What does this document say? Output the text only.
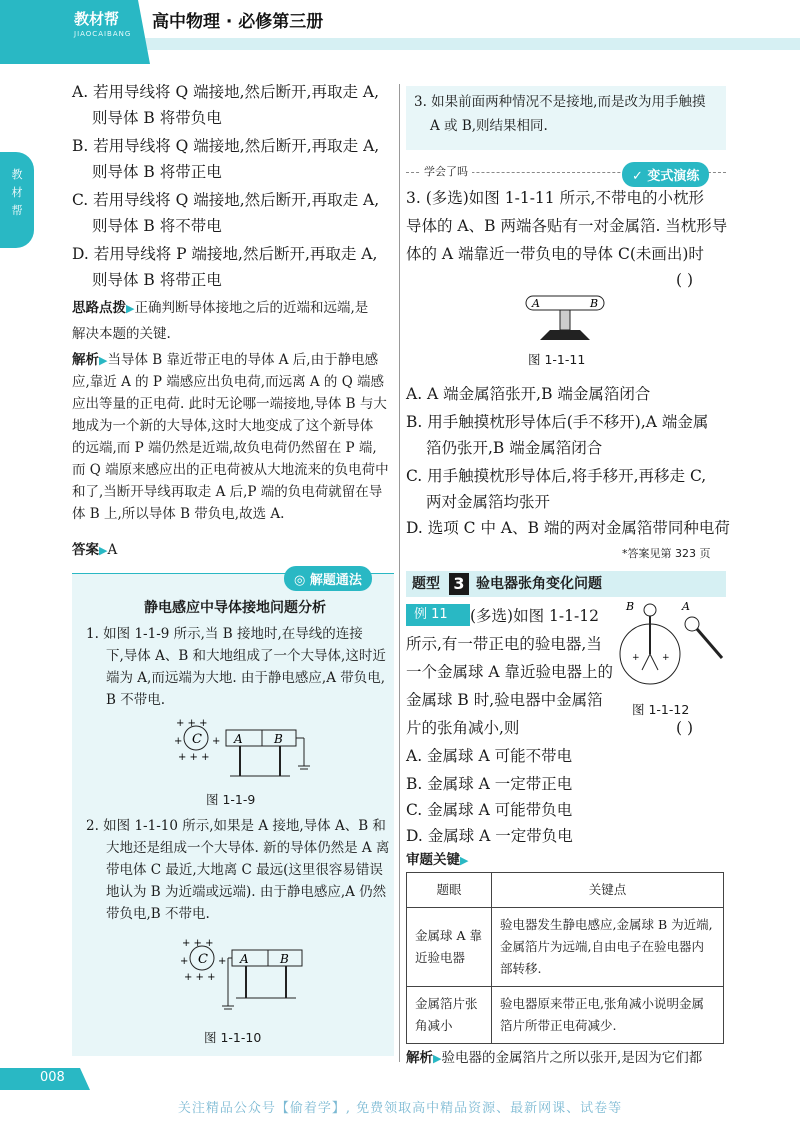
教材帮
JIAOCAIBANG
高中物理 · 必修第三册
教材帮
A. 若用导线将 Q 端接地,然后断开,再取走 A,
则导体 B 将带负电
B. 若用导线将 Q 端接地,然后断开,再取走 A,
则导体 B 将带正电
C. 若用导线将 Q 端接地,然后断开,再取走 A,
则导体 B 将不带电
D. 若用导线将 P 端接地,然后断开,再取走 A,
则导体 B 将带正电
思路点拨▶正确判断导体接地之后的近端和远端,是
解决本题的关键.
解析▶当导体 B 靠近带正电的导体 A 后,由于静电感
应,靠近 A 的 P 端感应出负电荷,而远离 A 的 Q 端感
应出等量的正电荷. 此时无论哪一端接地,导体 B 与大
地成为一个新的大导体,这时大地变成了这个新导体
的远端,而 P 端仍然是近端,故负电荷仍然留在 P 端,
而 Q 端原来感应出的正电荷被从大地流来的负电荷中
和了,当断开导线再取走 A 后,P 端的负电荷就留在导
体 B 上,所以导体 B 带负电,故选 A.
答案▶A
◎ 解题通法
静电感应中导体接地问题分析
1. 如图 1-1-9 所示,当 B 接地时,在导线的连接
下,导体 A、B 和大地组成了一个大导体,这时近
端为 A,而远端为大地. 由于静电感应,A 带负电,
B 不带电.
C
+ + +
+	+
+ + +
A	B
图 1-1-9
2. 如图 1-1-10 所示,如果是 A 接地,导体 A、B 和
大地还是组成一个大导体. 新的导体仍然是 A 离
带电体 C 最近,大地离 C 最远(这里很容易错误
地认为 B 为近端或远端). 由于静电感应,A 仍然
带负电,B 不带电.
C
+ + +
+	+
+ + +
A	B
图 1-1-10
3. 如果前面两种情况不是接地,而是改为用手触摸
A 或 B,则结果相同.
学会了吗	✓ 变式演练
3. (多选)如图 1-1-11 所示,不带电的小枕形
导体的 A、B 两端各贴有一对金属箔. 当枕形导
体的 A 端靠近一带负电的导体 C(未画出)时
( )
A	B
图 1-1-11
A. A 端金属箔张开,B 端金属箔闭合
B. 用手触摸枕形导体后(手不移开),A 端金属
箔仍张开,B 端金属箔闭合
C. 用手触摸枕形导体后,将手移开,再移走 C,
两对金属箔均张开
D. 选项 C 中 A、B 端的两对金属箔带同种电荷
*答案见第 323 页
题型 3 验电器张角变化问题
例 11	(多选)如图 1-1-12
所示,有一带正电的验电器,当
一个金属球 A 靠近验电器上的
金属球 B 时,验电器中金属箔
片的张角减小,则
B
+ +
A
图 1-1-12
( )
A. 金属球 A 可能不带电
B. 金属球 A 一定带正电
C. 金属球 A 可能带负电
D. 金属球 A 一定带负电
审题关键▶
题眼	关键点
金属球 A 靠近验电器	验电器发生静电感应,金属球 B 为近端,金属箔片为远端,自由电子在验电器内部转移.
金属箔片张角减小	验电器原来带正电,张角减小说明金属箔片所带正电荷减少.
解析▶验电器的金属箔片之所以张开,是因为它们都
008
关注精品公众号【偷着学】, 免费领取高中精品资源、最新网课、试卷等
